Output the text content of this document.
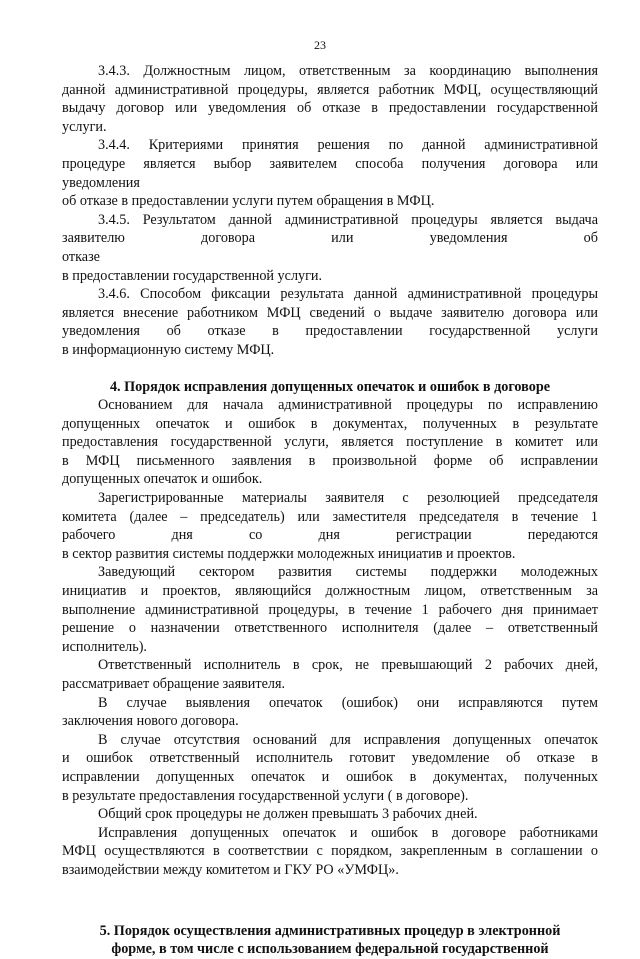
23

3.4.3. Должностным лицом, ответственным за координацию выполнения

данной административной процедуры, является работник МФЦ, осуществляющий

выдачу договор или уведомления об отказе в предоставлении государственной

услуги.

3.4.4. Критериями принятия решения по данной административной

процедуре является выбор заявителем способа получения договора или

уведомления

об отказе в предоставлении услуги путем обращения в МФЦ.

3.4.5. Результатом данной административной процедуры является выдача

заявителю договора или уведомления об отказе

в предоставлении государственной услуги.

3.4.6. Способом фиксации результата данной административной процедуры

является внесение работником МФЦ сведений о выдаче заявителю договора или

уведомления об отказе в предоставлении государственной услуги

в информационную систему МФЦ.

4. Порядок исправления допущенных опечаток и ошибок в договоре

Основанием для начала административной процедуры по исправлению

допущенных опечаток и ошибок в документах, полученных в результате

предоставления государственной услуги, является поступление в комитет или

в МФЦ письменного заявления в произвольной форме об исправлении

допущенных опечаток и ошибок.

Зарегистрированные материалы заявителя с резолюцией председателя

комитета (далее – председатель) или заместителя председателя в течение 1

рабочего дня со дня регистрации передаются

в сектор развития системы поддержки молодежных инициатив и проектов.

Заведующий сектором развития системы поддержки молодежных

инициатив и проектов, являющийся должностным лицом, ответственным за

выполнение административной процедуры, в течение 1 рабочего дня принимает

решение о назначении ответственного исполнителя (далее – ответственный

исполнитель).

Ответственный исполнитель в срок, не превышающий 2 рабочих дней,

рассматривает обращение заявителя.

В случае выявления опечаток (ошибок) они исправляются путем

заключения нового договора.

В случае отсутствия оснований для исправления допущенных опечаток

и ошибок ответственный исполнитель готовит уведомление об отказе в

исправлении допущенных опечаток и ошибок в документах, полученных

в результате предоставления государственной услуги ( в договоре).

Общий срок процедуры не должен превышать 3 рабочих дней.

Исправления допущенных опечаток и ошибок в договоре работниками

МФЦ осуществляются в соответствии с порядком, закрепленным в соглашении о

взаимодействии между комитетом и ГКУ РО «УМФЦ».

5. Порядок осуществления административных процедур в электронной

форме, в том числе с использованием федеральной государственной
